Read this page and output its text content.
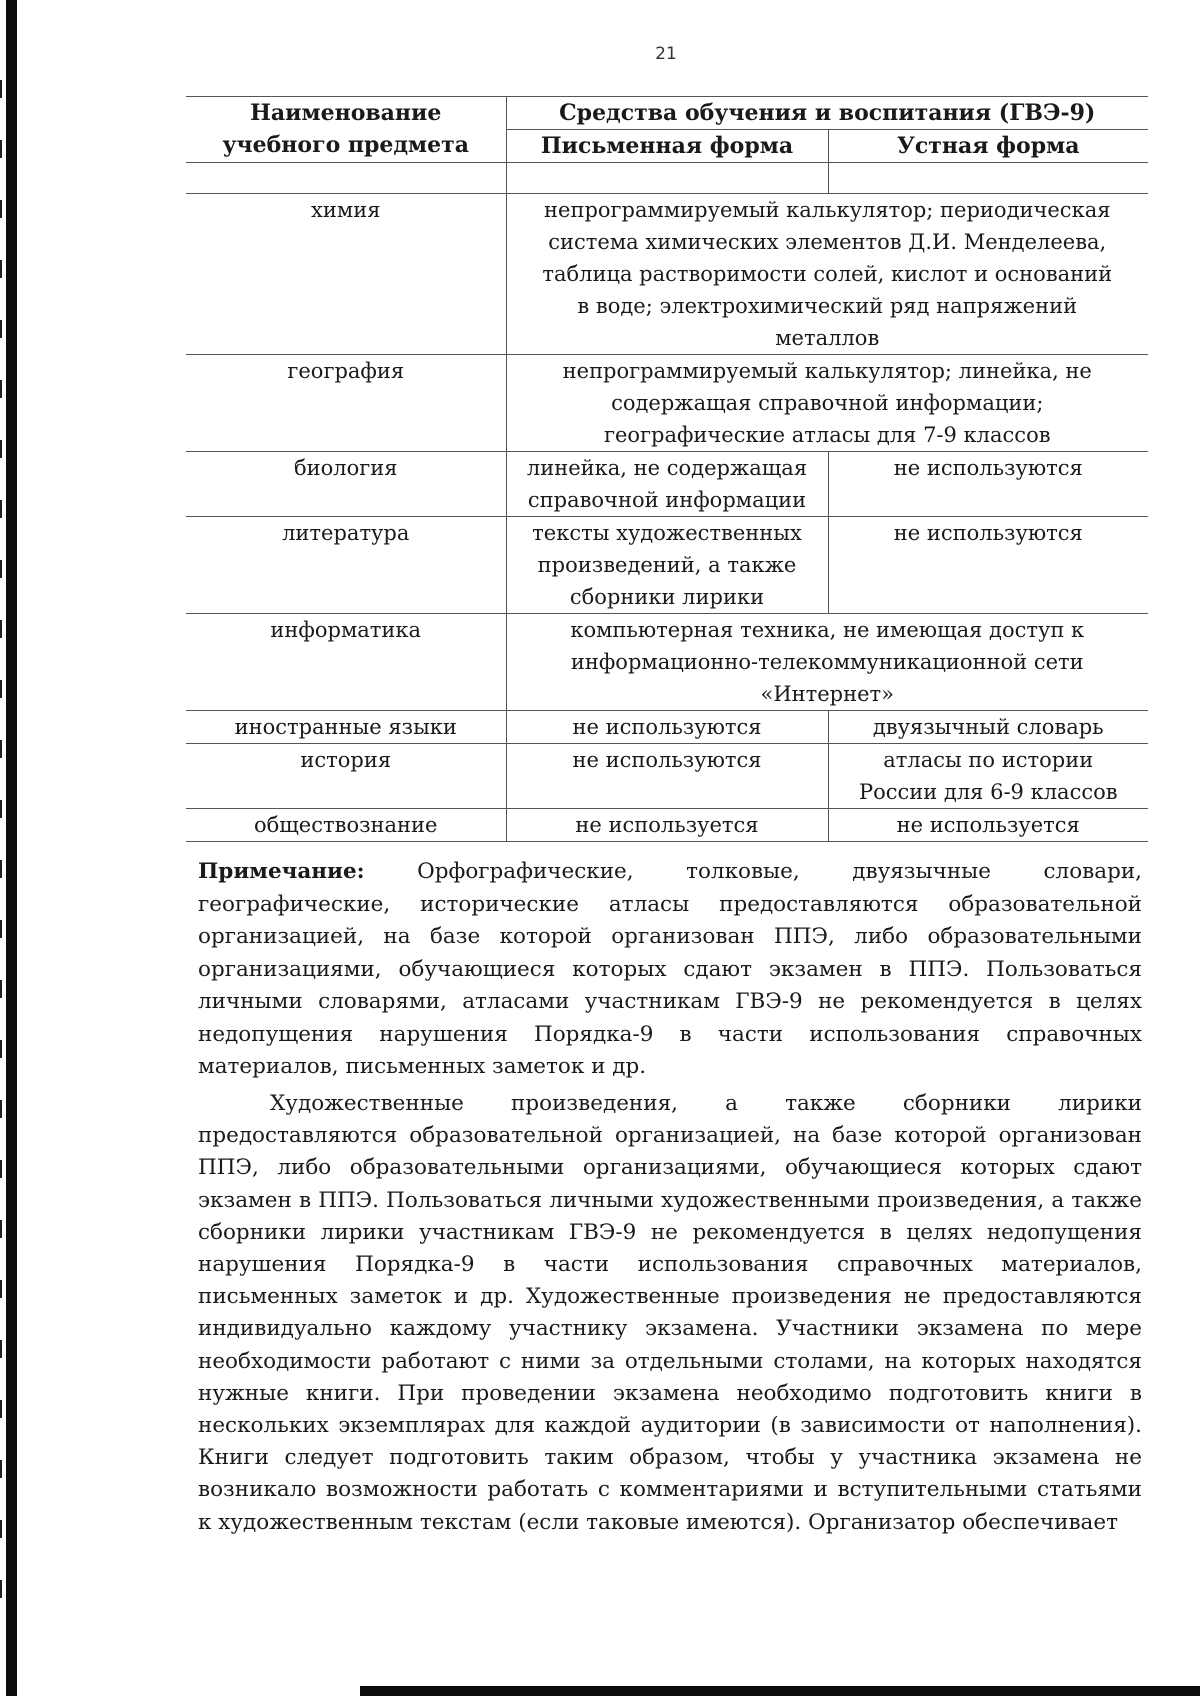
21
Наименование учебного предмета	Средства обучения и воспитания (ГВЭ-9)	
	Письменная форма	Устная форма

химия	непрограммируемый калькулятор; периодическая система химических элементов Д.И. Менделеева, таблица растворимости солей, кислот и оснований в воде; электрохимический ряд напряжений металлов	
география	непрограммируемый калькулятор; линейка, не содержащая справочной информации; географические атласы для 7-9 классов	
биология	линейка, не содержащая справочной информации	не используются
литература	тексты художественных произведений, а также сборники лирики	не используются
информатика	компьютерная техника, не имеющая доступ к информационно-телекоммуникационной сети «Интернет»	
иностранные языки	не используются	двуязычный словарь
история	не используются	атласы по истории России для 6-9 классов
обществознание	не используется	не используется

Примечание: Орфографические, толковые, двуязычные словари, географические, исторические атласы предоставляются образовательной организацией, на базе которой организован ППЭ, либо образовательными организациями, обучающиеся которых сдают экзамен в ППЭ. Пользоваться личными словарями, атласами участникам ГВЭ-9 не рекомендуется в целях недопущения нарушения Порядка-9 в части использования справочных материалов, письменных заметок и др.

Художественные произведения, а также сборники лирики предоставляются образовательной организацией, на базе которой организован ППЭ, либо образовательными организациями, обучающиеся которых сдают экзамен в ППЭ. Пользоваться личными художественными произведения, а также сборники лирики участникам ГВЭ-9 не рекомендуется в целях недопущения нарушения Порядка-9 в части использования справочных материалов, письменных заметок и др. Художественные произведения не предоставляются индивидуально каждому участнику экзамена. Участники экзамена по мере необходимости работают с ними за отдельными столами, на которых находятся нужные книги. При проведении экзамена необходимо подготовить книги в нескольких экземплярах для каждой аудитории (в зависимости от наполнения). Книги следует подготовить таким образом, чтобы у участника экзамена не возникало возможности работать с комментариями и вступительными статьями к художественным текстам (если таковые имеются). Организатор обеспечивает
